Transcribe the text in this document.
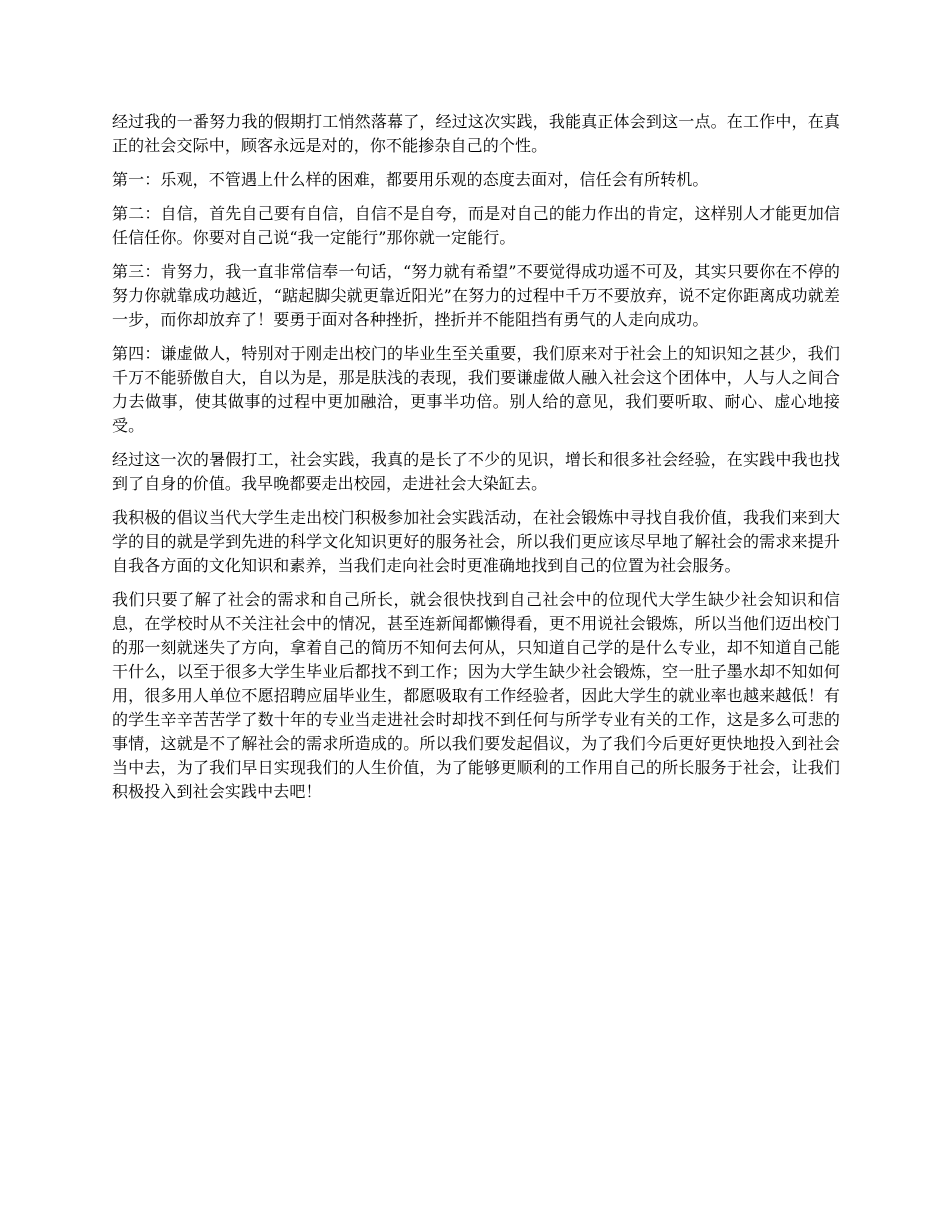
经过我的一番努力我的假期打工悄然落幕了，经过这次实践，我能真正体会到这一点。在工作中，在真正的社会交际中，顾客永远是对的，你不能掺杂自己的个性。

第一：乐观，不管遇上什么样的困难，都要用乐观的态度去面对，信任会有所转机。

第二：自信，首先自己要有自信，自信不是自夸，而是对自己的能力作出的肯定，这样别人才能更加信任信任你。你要对自己说“我一定能行”那你就一定能行。

第三：肯努力，我一直非常信奉一句话，“努力就有希望”不要觉得成功遥不可及，其实只要你在不停的努力你就靠成功越近，“踮起脚尖就更靠近阳光”在努力的过程中千万不要放弃，说不定你距离成功就差一步，而你却放弃了！要勇于面对各种挫折，挫折并不能阻挡有勇气的人走向成功。

第四：谦虚做人，特别对于刚走出校门的毕业生至关重要，我们原来对于社会上的知识知之甚少，我们千万不能骄傲自大，自以为是，那是肤浅的表现，我们要谦虚做人融入社会这个团体中，人与人之间合力去做事，使其做事的过程中更加融洽，更事半功倍。别人给的意见，我们要听取、耐心、虚心地接受。

经过这一次的暑假打工，社会实践，我真的是长了不少的见识，增长和很多社会经验，在实践中我也找到了自身的价值。我早晚都要走出校园，走进社会大染缸去。

我积极的倡议当代大学生走出校门积极参加社会实践活动，在社会锻炼中寻找自我价值，我我们来到大学的目的就是学到先进的科学文化知识更好的服务社会，所以我们更应该尽早地了解社会的需求来提升自我各方面的文化知识和素养，当我们走向社会时更准确地找到自己的位置为社会服务。

我们只要了解了社会的需求和自己所长，就会很快找到自己社会中的位现代大学生缺少社会知识和信息，在学校时从不关注社会中的情况，甚至连新闻都懒得看，更不用说社会锻炼，所以当他们迈出校门的那一刻就迷失了方向，拿着自己的简历不知何去何从，只知道自己学的是什么专业，却不知道自己能干什么，以至于很多大学生毕业后都找不到工作；因为大学生缺少社会锻炼，空一肚子墨水却不知如何用，很多用人单位不愿招聘应届毕业生，都愿吸取有工作经验者，因此大学生的就业率也越来越低！有的学生辛辛苦苦学了数十年的专业当走进社会时却找不到任何与所学专业有关的工作，这是多么可悲的事情，这就是不了解社会的需求所造成的。所以我们要发起倡议，为了我们今后更好更快地投入到社会当中去，为了我们早日实现我们的人生价值，为了能够更顺利的工作用自己的所长服务于社会，让我们积极投入到社会实践中去吧！
